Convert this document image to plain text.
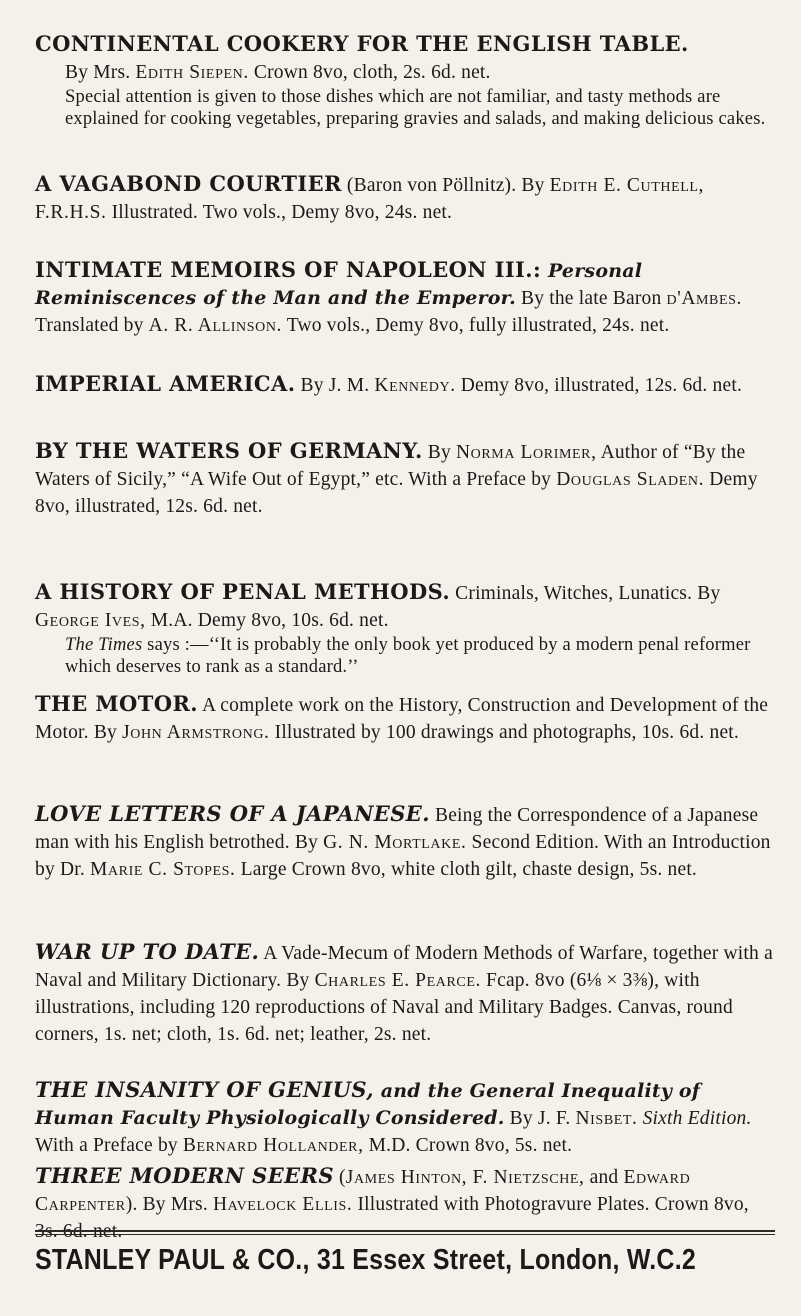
CONTINENTAL COOKERY FOR THE ENGLISH TABLE.

By Mrs. Edith Siepen. Crown 8vo, cloth, 2s. 6d. net.

Special attention is given to those dishes which are not familiar, and tasty methods are explained for cooking vegetables, preparing gravies and salads, and making delicious cakes.

A VAGABOND COURTIER (Baron von Pöllnitz). By Edith E. Cuthell, F.R.H.S. Illustrated. Two vols., Demy 8vo, 24s. net.

INTIMATE MEMOIRS OF NAPOLEON III.: Personal Reminiscences of the Man and the Emperor. By the late Baron d'Ambes. Translated by A. R. Allinson. Two vols., Demy 8vo, fully illustrated, 24s. net.

IMPERIAL AMERICA. By J. M. Kennedy. Demy 8vo, illustrated, 12s. 6d. net.

BY THE WATERS OF GERMANY. By Norma Lorimer, Author of “By the Waters of Sicily,” “A Wife Out of Egypt,” etc. With a Preface by Douglas Sladen. Demy 8vo, illustrated, 12s. 6d. net.

A HISTORY OF PENAL METHODS. Criminals, Witches, Lunatics. By George Ives, M.A. Demy 8vo, 10s. 6d. net.

The Times says :—‘‘It is probably the only book yet produced by a modern penal reformer which deserves to rank as a standard.’’

THE MOTOR. A complete work on the History, Construction and Development of the Motor. By John Armstrong. Illustrated by 100 drawings and photographs, 10s. 6d. net.

LOVE LETTERS OF A JAPANESE. Being the Correspondence of a Japanese man with his English betrothed. By G. N. Mortlake. Second Edition. With an Introduction by Dr. Marie C. Stopes. Large Crown 8vo, white cloth gilt, chaste design, 5s. net.

WAR UP TO DATE. A Vade-Mecum of Modern Methods of Warfare, together with a Naval and Military Dictionary. By Charles E. Pearce. Fcap. 8vo (6⅛ × 3⅜), with illustrations, including 120 reproductions of Naval and Military Badges. Canvas, round corners, 1s. net; cloth, 1s. 6d. net; leather, 2s. net.

THE INSANITY OF GENIUS, and the General Inequality of Human Faculty Physiologically Considered. By J. F. Nisbet. Sixth Edition. With a Preface by Bernard Hollander, M.D. Crown 8vo, 5s. net.

THREE MODERN SEERS (James Hinton, F. Nietzsche, and Edward Carpenter). By Mrs. Havelock Ellis. Illustrated with Photogravure Plates. Crown 8vo, 3s. 6d. net.

STANLEY PAUL & CO., 31 Essex Street, London, W.C.2
